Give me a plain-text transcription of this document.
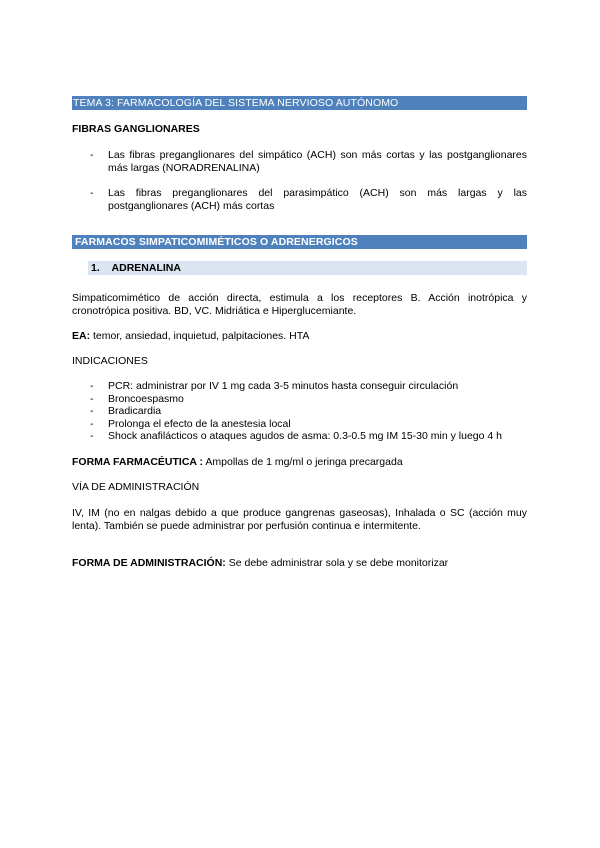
TEMA 3: FARMACOLOGÍA DEL SISTEMA NERVIOSO AUTÓNOMO
FIBRAS GANGLIONARES
- Las fibras preganglionares del simpático (ACH) son más cortas y las postganglionares más largas (NORADRENALINA)
- Las fibras preganglionares del parasimpático (ACH) son más largas y las postganglionares (ACH) más cortas
FARMACOS SIMPATICOMIMÉTICOS O ADRENERGICOS
1. ADRENALINA
Simpaticomimético de acción directa, estimula a los receptores B. Acción inotrópica y cronotrópica positiva. BD, VC. Midriática e Hiperglucemiante.
EA: temor, ansiedad, inquietud, palpitaciones. HTA
INDICACIONES
- PCR: administrar por IV 1 mg cada 3-5 minutos hasta conseguir circulación
- Broncoespasmo
- Bradicardia
- Prolonga el efecto de la anestesia local
- Shock anafilácticos o ataques agudos de asma: 0.3-0.5 mg IM 15-30 min y luego 4 h
FORMA FARMACÉUTICA : Ampollas de 1 mg/ml o jeringa precargada
VÍA DE ADMINISTRACIÓN
IV, IM (no en nalgas debido a que produce gangrenas gaseosas), Inhalada o SC (acción muy lenta). También se puede administrar por perfusión continua e intermitente.
FORMA DE ADMINISTRACIÓN: Se debe administrar sola y se debe monitorizar
